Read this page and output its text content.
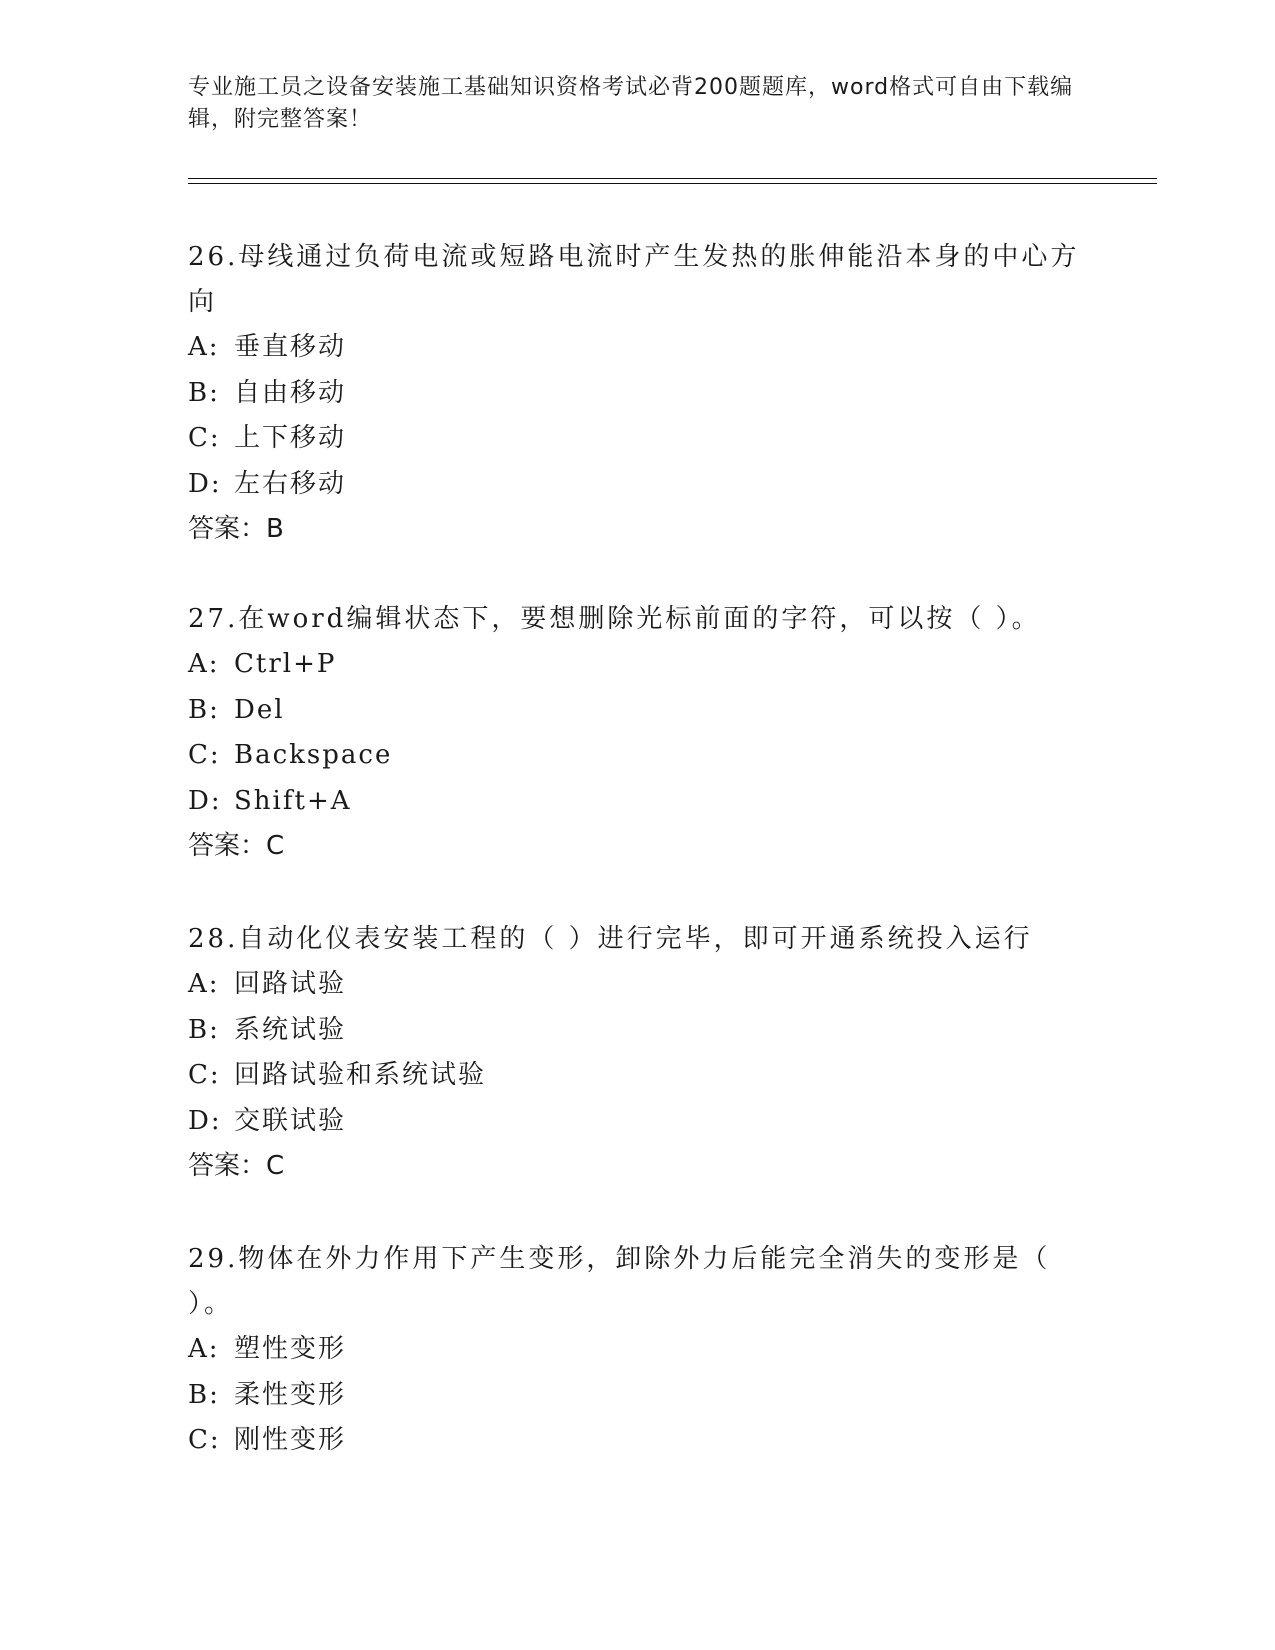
专业施工员之设备安装施工基础知识资格考试必背200题题库，word格式可自由下载编辑，附完整答案！

26.母线通过负荷电流或短路电流时产生发热的胀伸能沿本身的中心方向

A: 垂直移动
B: 自由移动
C: 上下移动
D: 左右移动
答案：B

27.在word编辑状态下，要想删除光标前面的字符，可以按（ ）。

A: Ctrl+P
B: Del
C: Backspace
D: Shift+A
答案：C

28.自动化仪表安装工程的（ ）进行完毕，即可开通系统投入运行

A: 回路试验
B: 系统试验
C: 回路试验和系统试验
D: 交联试验
答案：C

29.物体在外力作用下产生变形，卸除外力后能完全消失的变形是（ ）。

A: 塑性变形
B: 柔性变形
C: 刚性变形
